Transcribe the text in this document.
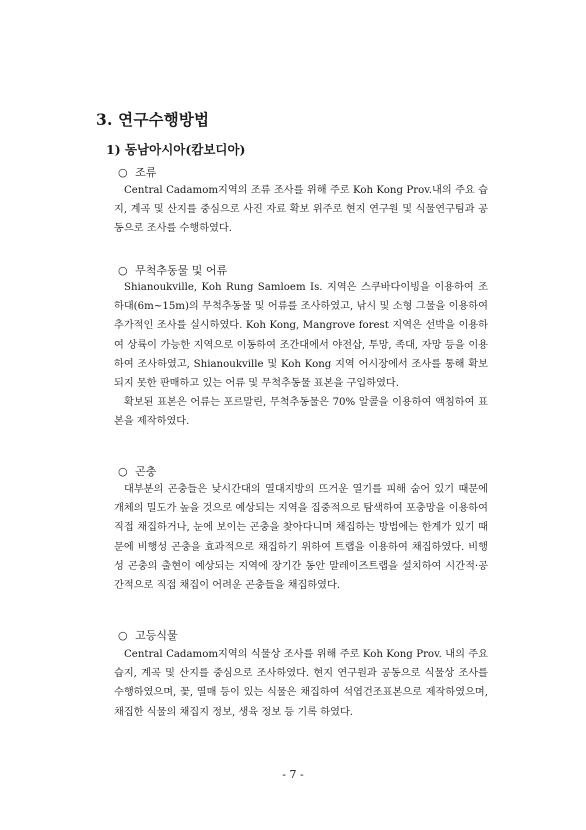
3. 연구수행방법
1) 동남아시아(캄보디아)
○ 조류

Central Cadamom지역의 조류 조사를 위해 주로 Koh Kong Prov.내의 주요 습지, 계곡 및 산지를 중심으로 사진 자료 확보 위주로 현지 연구원 및 식물연구팀과 공동으로 조사를 수행하였다.

○ 무척추동물 및 어류

Shianoukville, Koh Rung Samloem Is. 지역은 스쿠바다이빙을 이용하여 조하대(6m~15m)의 무척추동물 및 어류를 조사하였고, 낚시 및 소형 그물을 이용하여 추가적인 조사를 실시하였다. Koh Kong, Mangrove forest 지역은 선박을 이용하여 상륙이 가능한 지역으로 이동하여 조간대에서 야전삽, 투망, 족대, 자망 등을 이용하여 조사하였고, Shianoukville 및 Koh Kong 지역 어시장에서 조사를 통해 확보되지 못한 판매하고 있는 어류 및 무척추동물 표본을 구입하였다.

확보된 표본은 어류는 포르말린, 무척추동물은 70% 알콜을 이용하여 액침하여 표본을 제작하였다.

○ 곤충

대부분의 곤충들은 낮시간대의 열대지방의 뜨거운 열기를 피해 숨어 있기 때문에 개체의 밀도가 높을 것으로 예상되는 지역을 집중적으로 탐색하여 포충망을 이용하여 직접 채집하거나, 눈에 보이는 곤충을 찾아다니며 채집하는 방법에는 한계가 있기 때문에 비행성 곤충을 효과적으로 채집하기 위하여 트랩을 이용하여 채집하였다. 비행성 곤충의 출현이 예상되는 지역에 장기간 동안 말레이즈트랩을 설치하여 시간적·공간적으로 직접 채집이 어려운 곤충들을 채집하였다.

○ 고등식물

Central Cadamom지역의 식물상 조사를 위해 주로 Koh Kong Prov. 내의 주요 습지, 계곡 및 산지를 중심으로 조사하였다. 현지 연구원과 공동으로 식물상 조사를 수행하였으며, 꽃, 열매 등이 있는 식물은 채집하여 석엽건조표본으로 제작하였으며, 채집한 식물의 채집지 정보, 생육 정보 등 기록 하였다.

- 7 -
